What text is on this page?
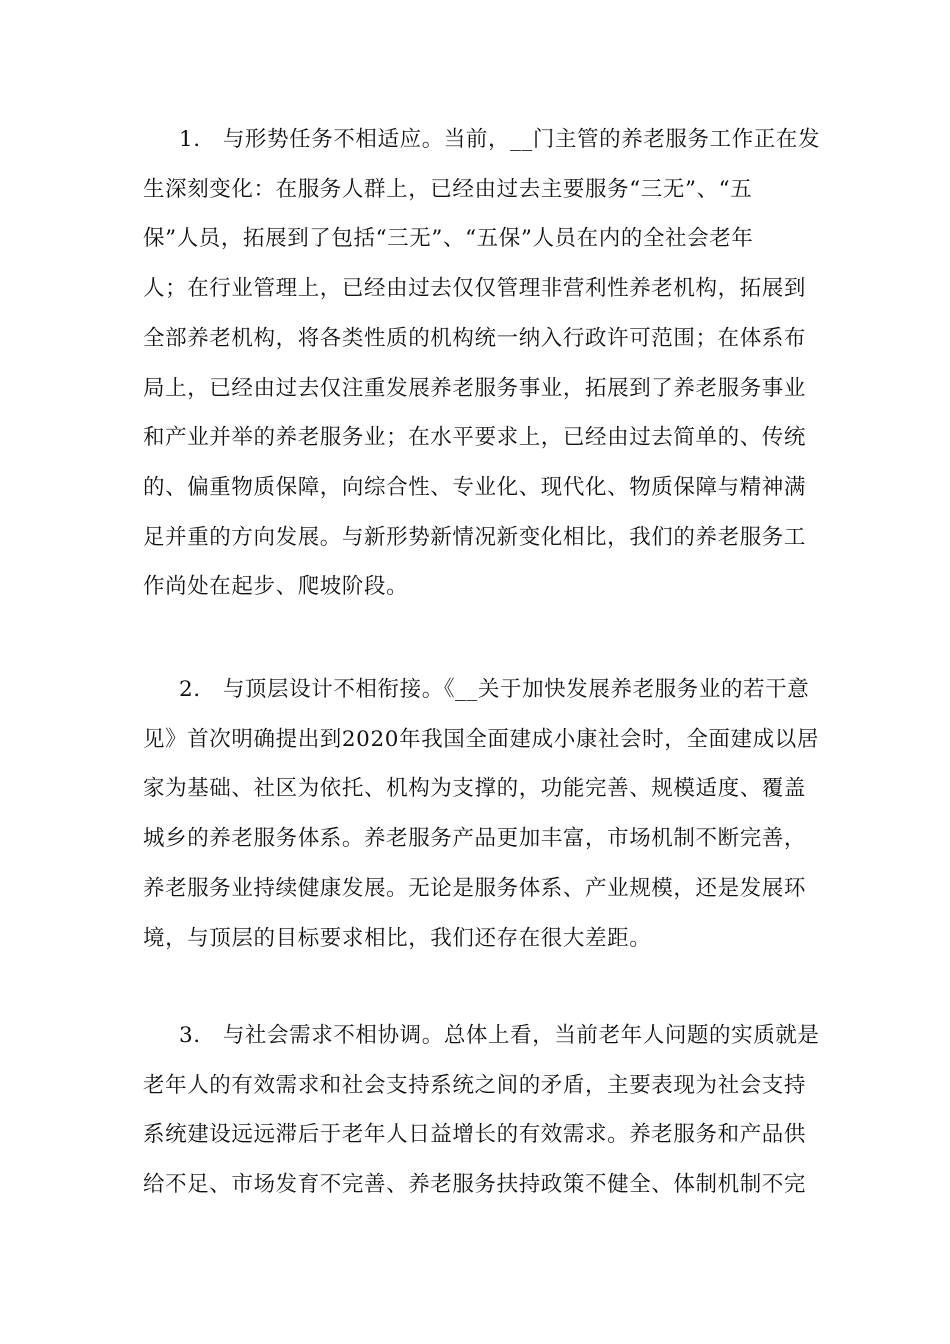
1.　与形势任务不相适应。当前，__门主管的养老服务工作正在发
生深刻变化：在服务人群上，已经由过去主要服务“三无”、“五
保”人员，拓展到了包括“三无”、“五保”人员在内的全社会老年
人；在行业管理上，已经由过去仅仅管理非营利性养老机构，拓展到
全部养老机构，将各类性质的机构统一纳入行政许可范围；在体系布
局上，已经由过去仅注重发展养老服务事业，拓展到了养老服务事业
和产业并举的养老服务业；在水平要求上，已经由过去简单的、传统
的、偏重物质保障，向综合性、专业化、现代化、物质保障与精神满
足并重的方向发展。与新形势新情况新变化相比，我们的养老服务工
作尚处在起步、爬坡阶段。

2.　与顶层设计不相衔接。《__关于加快发展养老服务业的若干意
见》首次明确提出到2020年我国全面建成小康社会时，全面建成以居
家为基础、社区为依托、机构为支撑的，功能完善、规模适度、覆盖
城乡的养老服务体系。养老服务产品更加丰富，市场机制不断完善，
养老服务业持续健康发展。无论是服务体系、产业规模，还是发展环
境，与顶层的目标要求相比，我们还存在很大差距。

3.　与社会需求不相协调。总体上看，当前老年人问题的实质就是
老年人的有效需求和社会支持系统之间的矛盾，主要表现为社会支持
系统建设远远滞后于老年人日益增长的有效需求。养老服务和产品供
给不足、市场发育不完善、养老服务扶持政策不健全、体制机制不完
